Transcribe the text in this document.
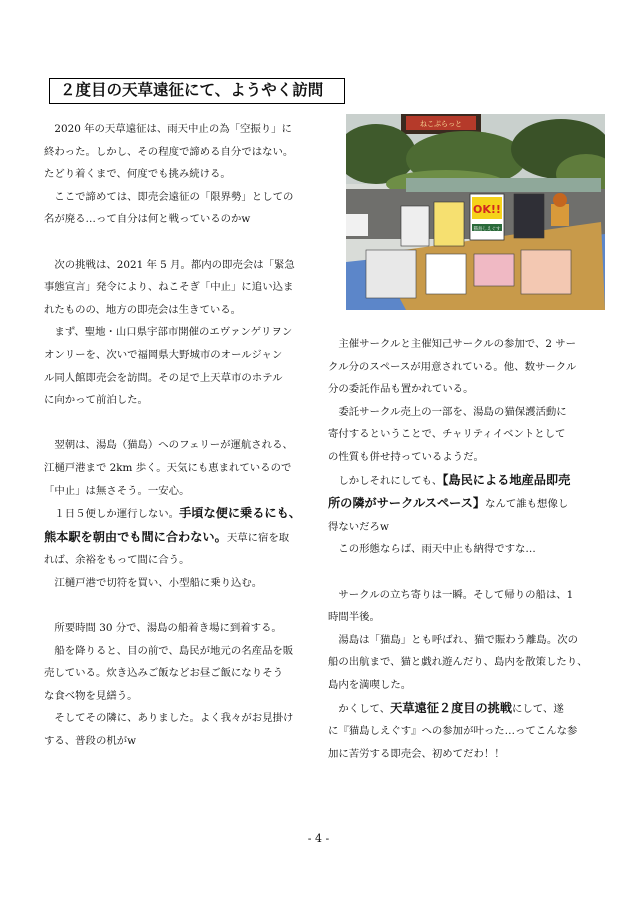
２度目の天草遠征にて、ようやく訪問

2020 年の天草遠征は、雨天中止の為「空振り」に

終わった。しかし、その程度で諦める自分ではない。

たどり着くまで、何度でも挑み続ける。

ここで諦めては、即売会遠征の「限界勢」としての

名が廃る…って自分は何と戦っているのかw

次の挑戦は、2021 年 5 月。都内の即売会は「緊急

事態宣言」発令により、ねこそぎ「中止」に追い込ま

れたものの、地方の即売会は生きている。

まず、聖地・山口県宇部市開催のエヴァンゲリヲン

オンリーを、次いで福岡県大野城市のオールジャン

ル同人館即売会を訪問。その足で上天草市のホテル

に向かって前泊した。

翌朝は、湯島（猫島）へのフェリーが運航される、

江樋戸港まで 2km 歩く。天気にも恵まれているので

「中止」は無さそう。一安心。

１日５便しか運行しない。手頃な便に乗るにも、

熊本駅を朝由でも間に合わない。天草に宿を取

れば、余裕をもって間に合う。

江樋戸港で切符を買い、小型船に乗り込む。

所要時間 30 分で、湯島の船着き場に到着する。

船を降りると、目の前で、島民が地元の名産品を販

売している。炊き込みご飯などお昼ご飯になりそう

な食べ物を見繕う。

そしてその隣に、ありました。よく我々がお見掛け

する、普段の机がw

主催サークルと主催知己サークルの参加で、2 サー

クル分のスペースが用意されている。他、数サークル

分の委託作品も置かれている。

委託サークル売上の一部を、湯島の猫保護活動に

寄付するということで、チャリティイベントとして

の性質も併せ持っているようだ。

しかしそれにしても、【島民による地産品即売

所の隣がサークルスペース】なんて誰も想像し

得ないだろw

この形態ならば、雨天中止も納得ですな…

サークルの立ち寄りは一瞬。そして帰りの船は、1

時間半後。

湯島は「猫島」とも呼ばれ、猫で賑わう離島。次の

船の出航まで、猫と戯れ遊んだり、島内を散策したり、

島内を満喫した。

かくして、天草遠征２度目の挑戦にして、遂

に『猫島しえぐす』への参加が叶った…ってこんな参

加に苦労する即売会、初めてだわ！！

ねこぷらっと
OK!!
猫島しえぐす
- 4 -
